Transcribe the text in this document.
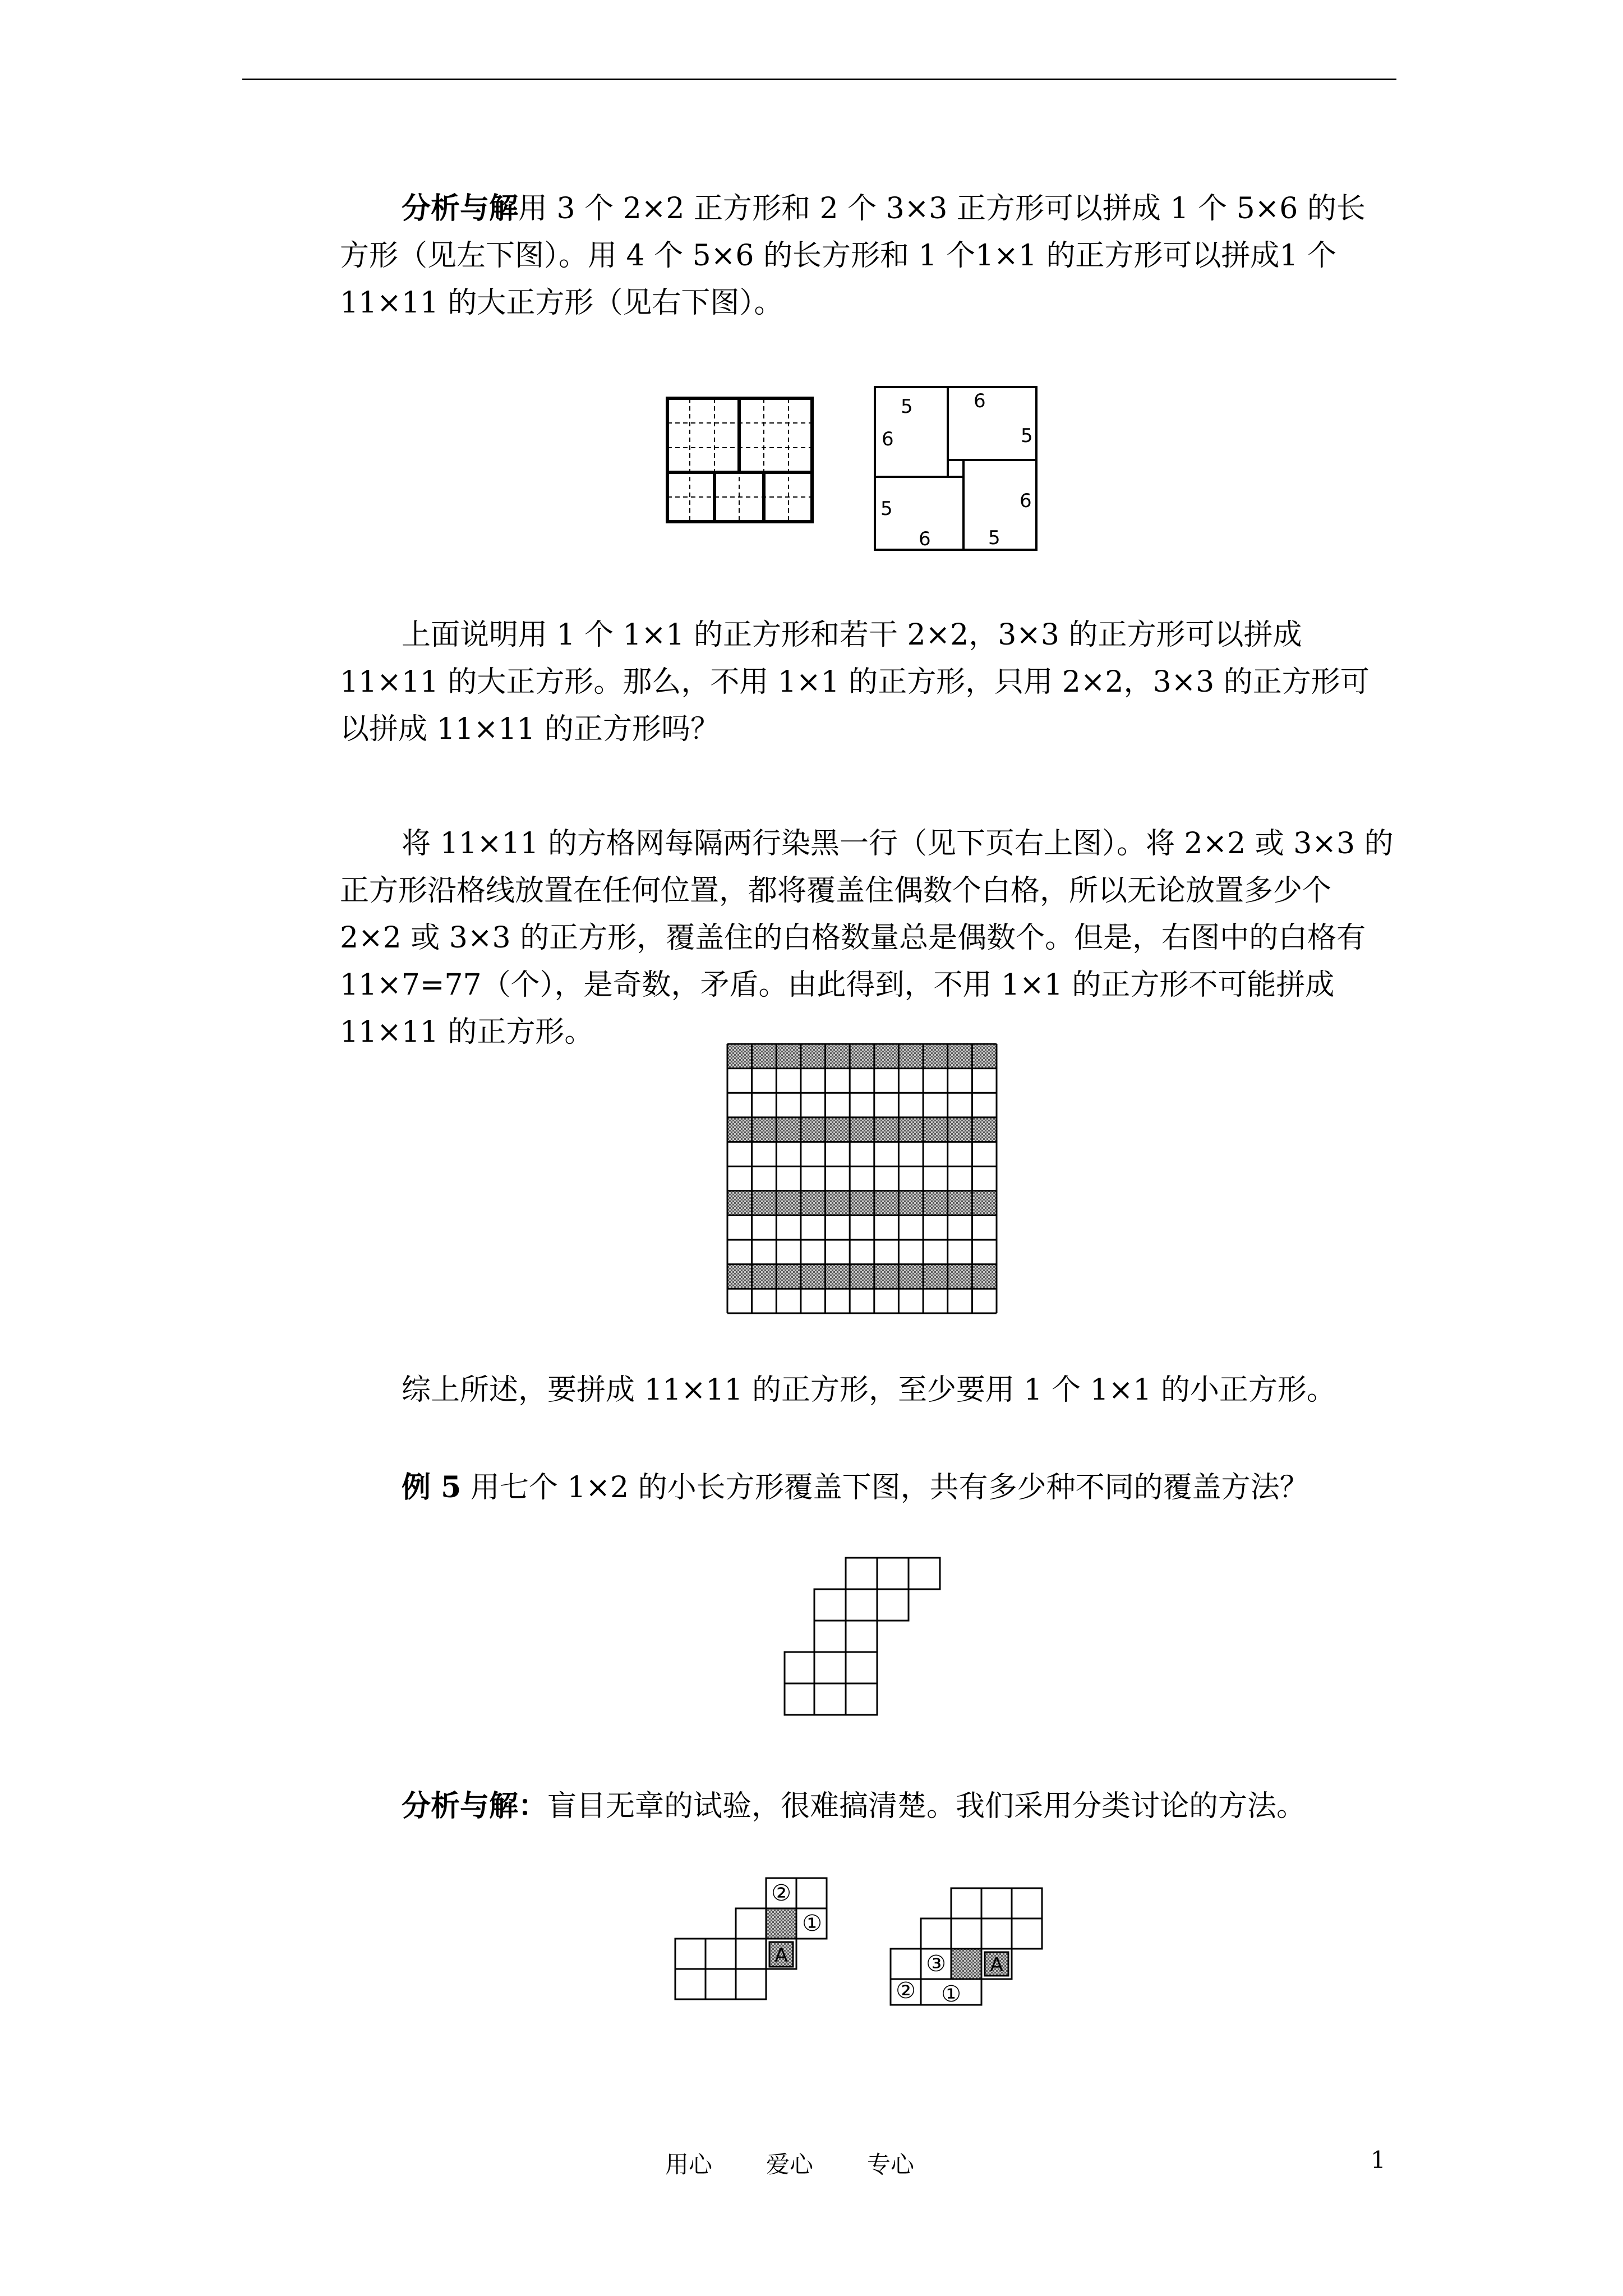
分析与解用 3 个 2×2 正方形和 2 个 3×3 正方形可以拼成 1 个 5×6 的长方形（见左下图）。用 4 个 5×6 的长方形和 1 个1×1 的正方形可以拼成1 个 11×11 的大正方形（见右下图）。

5
6
6
5
5
6
6
5

上面说明用 1 个 1×1 的正方形和若干 2×2，3×3 的正方形可以拼成11×11 的大正方形。那么，不用 1×1 的正方形，只用 2×2，3×3 的正方形可以拼成 11×11 的正方形吗？

将 11×11 的方格网每隔两行染黑一行（见下页右上图）。将 2×2 或 3×3 的正方形沿格线放置在任何位置，都将覆盖住偶数个白格，所以无论放置多少个 2×2 或 3×3 的正方形，覆盖住的白格数量总是偶数个。但是，右图中的白格有 11×7=77（个），是奇数，矛盾。由此得到，不用 1×1 的正方形不可能拼成 11×11 的正方形。

综上所述，要拼成 11×11 的正方形，至少要用 1 个 1×1 的小正方形。

例 5 用七个 1×2 的小长方形覆盖下图，共有多少种不同的覆盖方法？

分析与解：盲目无章的试验，很难搞清楚。我们采用分类讨论的方法。

②
①
A	③ A
② ①
用心 爱心 专心	1
